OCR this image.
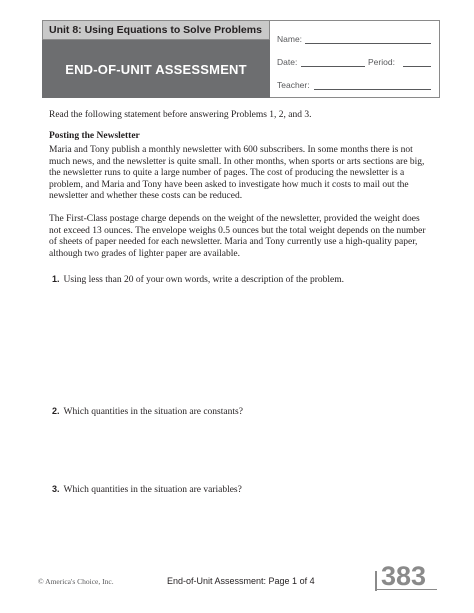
Unit 8: Using Equations to Solve Problems
END-OF-UNIT ASSESSMENT
Name:
Date:	Period:
Teacher:

Read the following statement before answering Problems 1, 2, and 3.

Posting the Newsletter

Maria and Tony publish a monthly newsletter with 600 subscribers. In some months there is not much news, and the newsletter is quite small. In other months, when sports or arts sections are big, the newsletter runs to quite a large number of pages. The cost of producing the newsletter is a problem, and Maria and Tony have been asked to investigate how much it costs to mail out the newsletter and whether these costs can be reduced.

The First-Class postage charge depends on the weight of the newsletter, provided the weight does not exceed 13 ounces. The envelope weighs 0.5 ounces but the total weight depends on the number of sheets of paper needed for each newsletter. Maria and Tony currently use a high-quality paper, although two grades of lighter paper are available.

1. Using less than 20 of your own words, write a description of the problem.
2. Which quantities in the situation are constants?
3. Which quantities in the situation are variables?
© America's Choice, Inc.	End-of-Unit Assessment: Page 1 of 4 383
